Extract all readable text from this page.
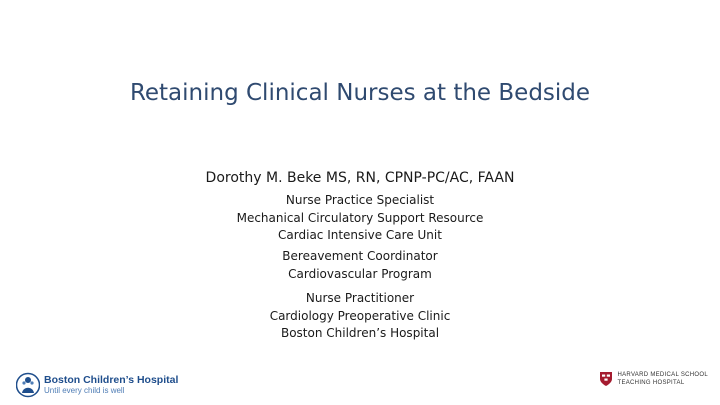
Retaining Clinical Nurses at the Bedside
Dorothy M. Beke MS, RN, CPNP-PC/AC, FAAN
Nurse Practice Specialist
Mechanical Circulatory Support Resource
Cardiac Intensive Care Unit
Bereavement Coordinator
Cardiovascular Program
Nurse Practitioner
Cardiology Preoperative Clinic
Boston Children’s Hospital
Boston Children’s Hospital
Until every child is well
HARVARD MEDICAL SCHOOL
TEACHING HOSPITAL
